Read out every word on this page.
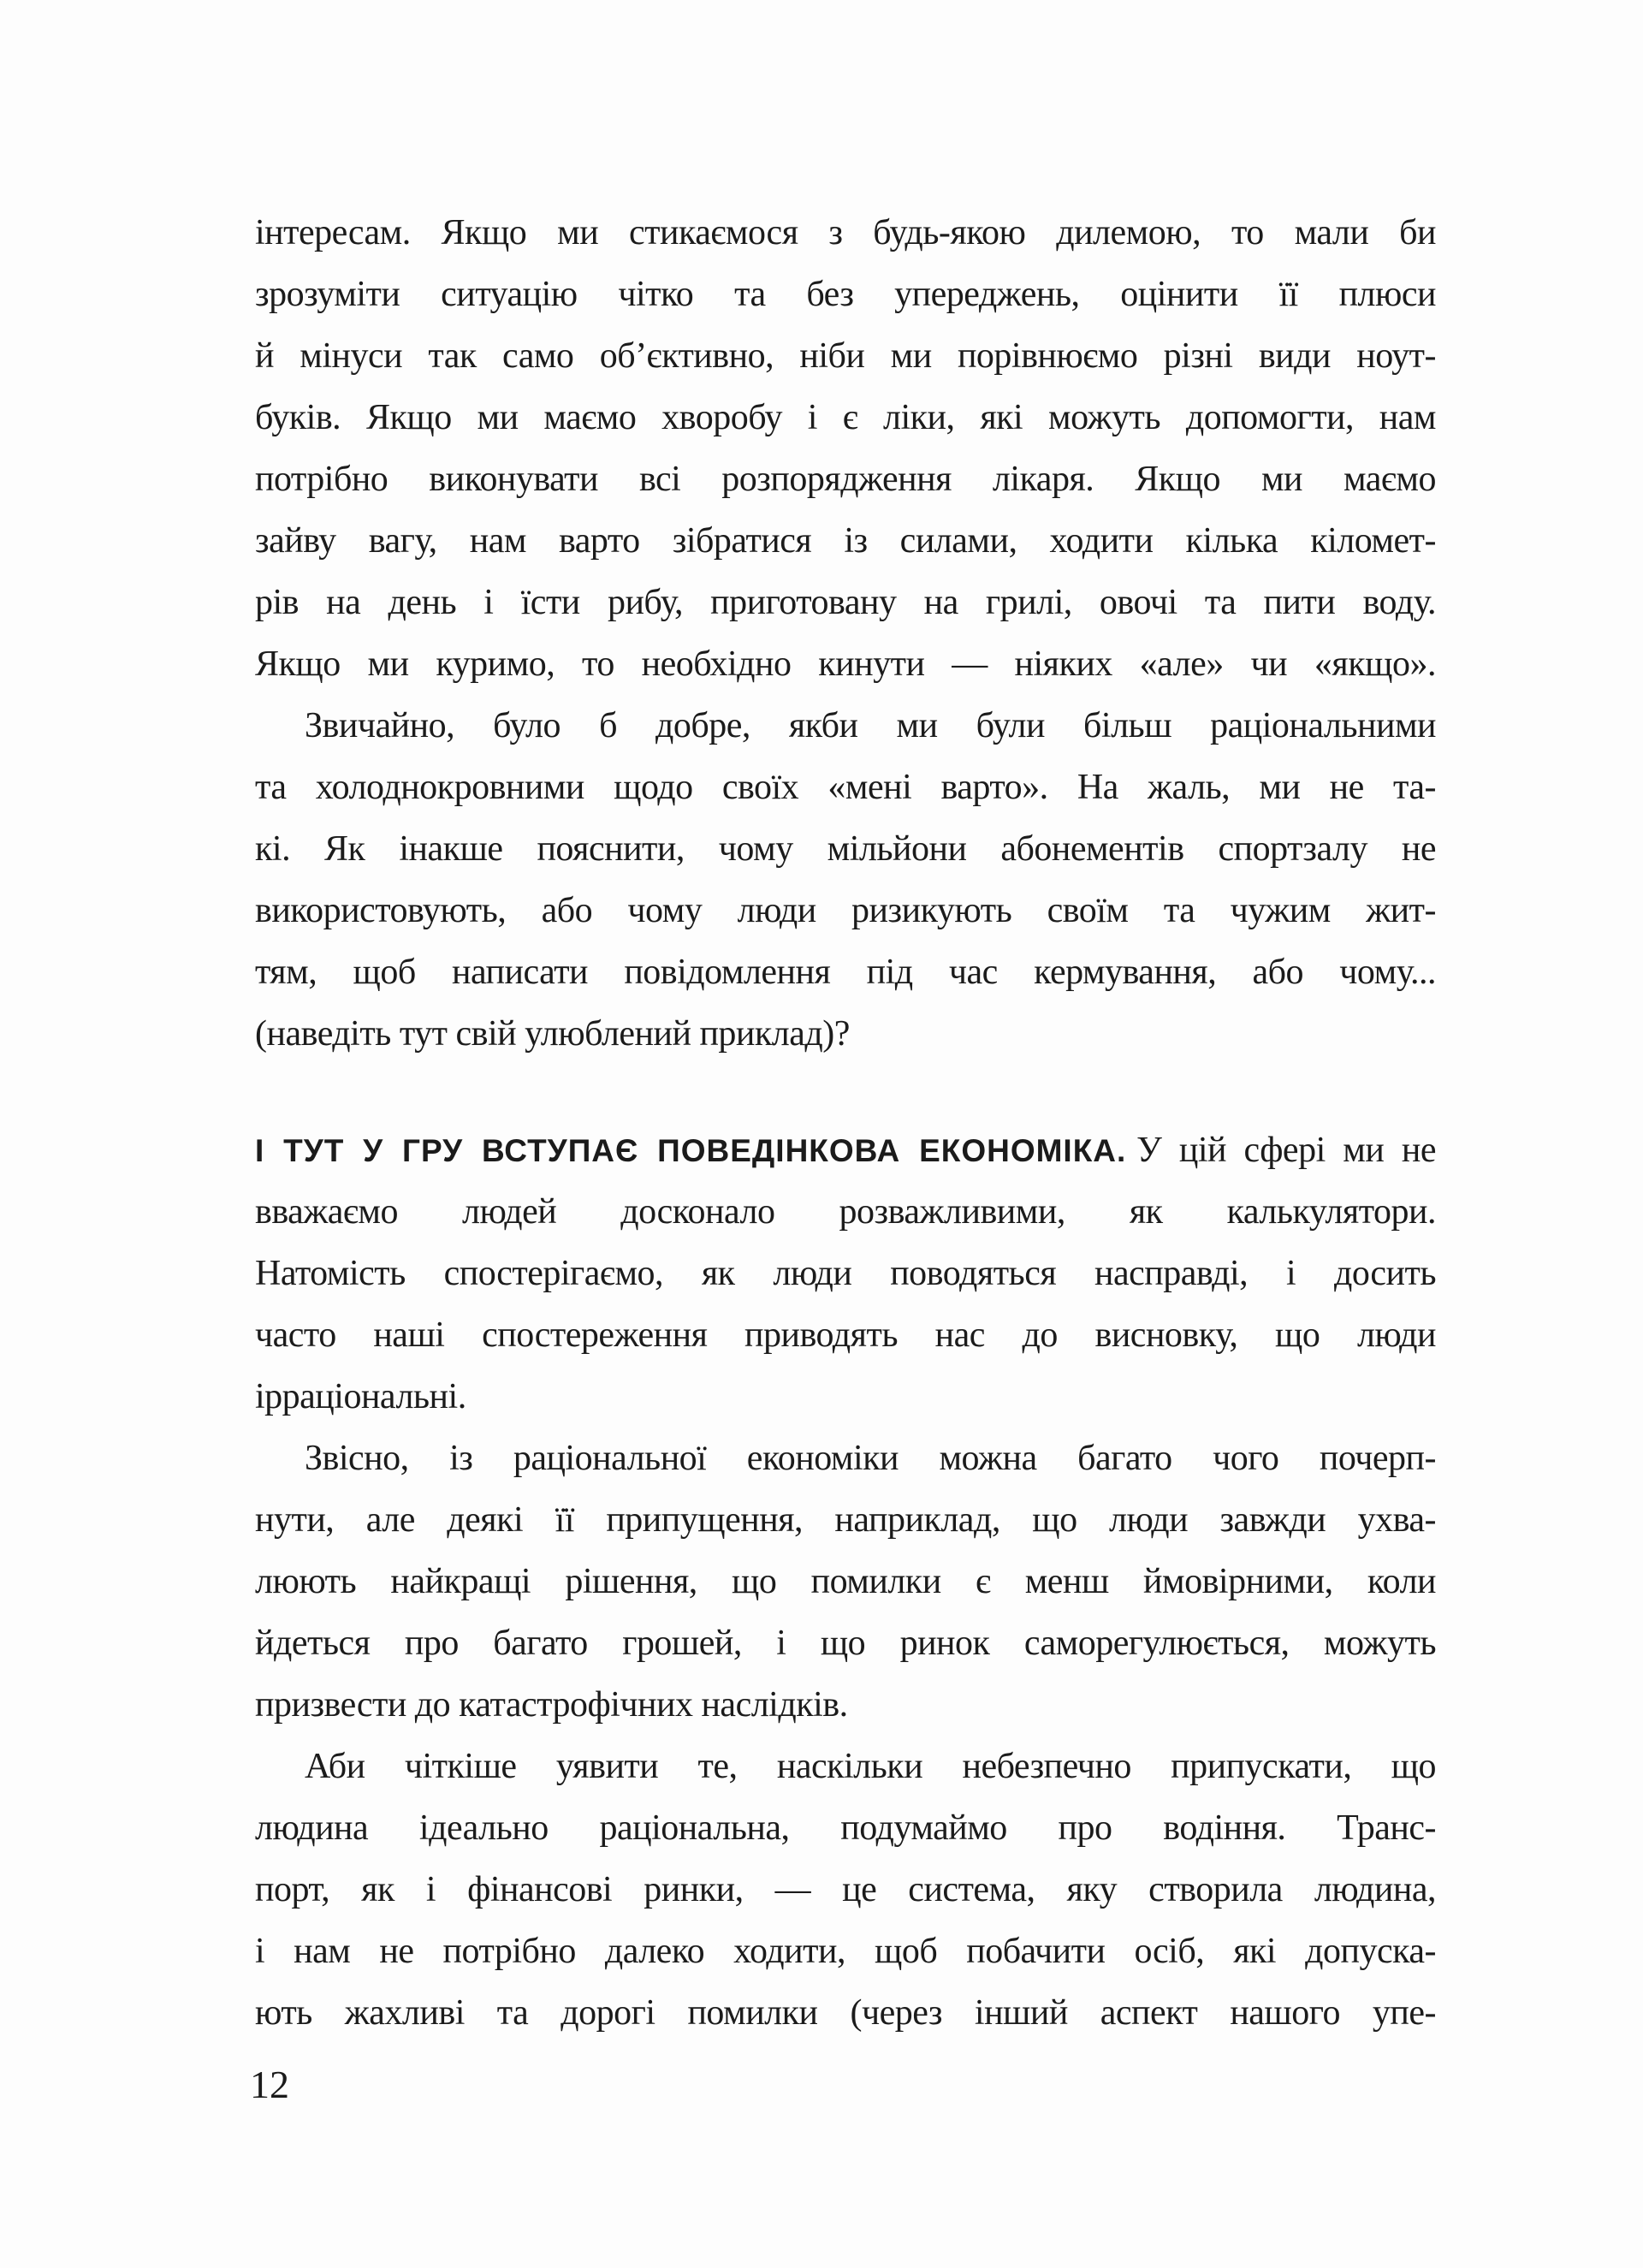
інтересам. Якщо ми стикаємося з будь-якою дилемою, то мали би
зрозуміти ситуацію чітко та без упереджень, оцінити її плюси
й мінуси так само об’єктивно, ніби ми порівнюємо різні види ноут-
буків. Якщо ми маємо хворобу і є ліки, які можуть допомогти, нам
потрібно виконувати всі розпорядження лікаря. Якщо ми маємо
зайву вагу, нам варто зібратися із силами, ходити кілька кіломет-
рів на день і їсти рибу, приготовану на грилі, овочі та пити воду.
Якщо ми куримо, то необхідно кинути — ніяких «але» чи «якщо».
Звичайно, було б добре, якби ми були більш раціональними
та холоднокровними щодо своїх «мені варто». На жаль, ми не та-
кі. Як інакше пояснити, чому мільйони абонементів спортзалу не
використовують, або чому люди ризикують своїм та чужим жит-
тям, щоб написати повідомлення під час кермування, або чому...
(наведіть тут свій улюблений приклад)?
І ТУТ У ГРУ ВСТУПАЄ ПОВЕДІНКОВА ЕКОНОМІКА. У цій сфері ми не
вважаємо людей досконало розважливими, як калькулятори.
Натомість спостерігаємо, як люди поводяться насправді, і досить
часто наші спостереження приводять нас до висновку, що люди
ірраціональні.
Звісно, із раціональної економіки можна багато чого почерп-
нути, але деякі її припущення, наприклад, що люди завжди ухва-
люють найкращі рішення, що помилки є менш ймовірними, коли
йдеться про багато грошей, і що ринок саморегулюється, можуть
призвести до катастрофічних наслідків.
Аби чіткіше уявити те, наскільки небезпечно припускати, що
людина ідеально раціональна, подумаймо про водіння. Транс-
порт, як і фінансові ринки, — це система, яку створила людина,
і нам не потрібно далеко ходити, щоб побачити осіб, які допуска-
ють жахливі та дорогі помилки (через інший аспект нашого упе-
12
